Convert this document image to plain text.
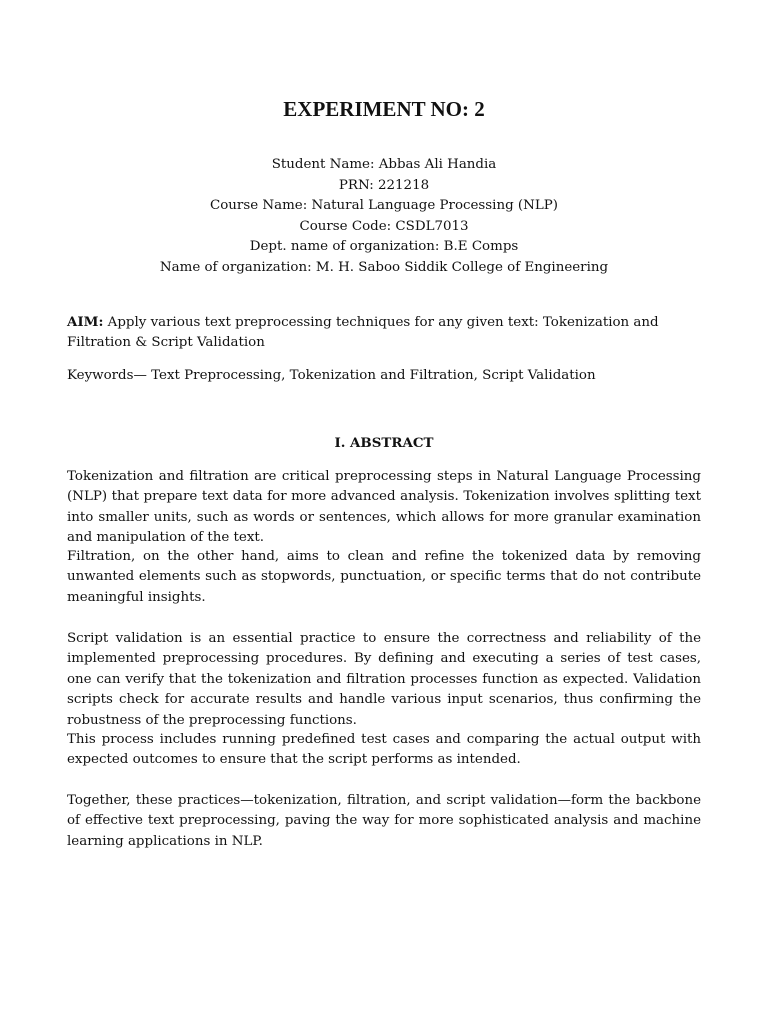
EXPERIMENT NO: 2
Student Name: Abbas Ali Handia
PRN: 221218
Course Name: Natural Language Processing (NLP)
Course Code: CSDL7013
Dept. name of organization: B.E Comps
Name of organization: M. H. Saboo Siddik College of Engineering

AIM: Apply various text preprocessing techniques for any given text: Tokenization and Filtration & Script Validation

Keywords— Text Preprocessing, Tokenization and Filtration, Script Validation

I. ABSTRACT

Tokenization and filtration are critical preprocessing steps in Natural Language Processing (NLP) that prepare text data for more advanced analysis. Tokenization involves splitting text into smaller units, such as words or sentences, which allows for more granular examination and manipulation of the text.

Filtration, on the other hand, aims to clean and refine the tokenized data by removing unwanted elements such as stopwords, punctuation, or specific terms that do not contribute meaningful insights.

Script validation is an essential practice to ensure the correctness and reliability of the implemented preprocessing procedures. By defining and executing a series of test cases, one can verify that the tokenization and filtration processes function as expected. Validation scripts check for accurate results and handle various input scenarios, thus confirming the robustness of the preprocessing functions.

This process includes running predefined test cases and comparing the actual output with expected outcomes to ensure that the script performs as intended.

Together, these practices—tokenization, filtration, and script validation—form the backbone of effective text preprocessing, paving the way for more sophisticated analysis and machine learning applications in NLP.
